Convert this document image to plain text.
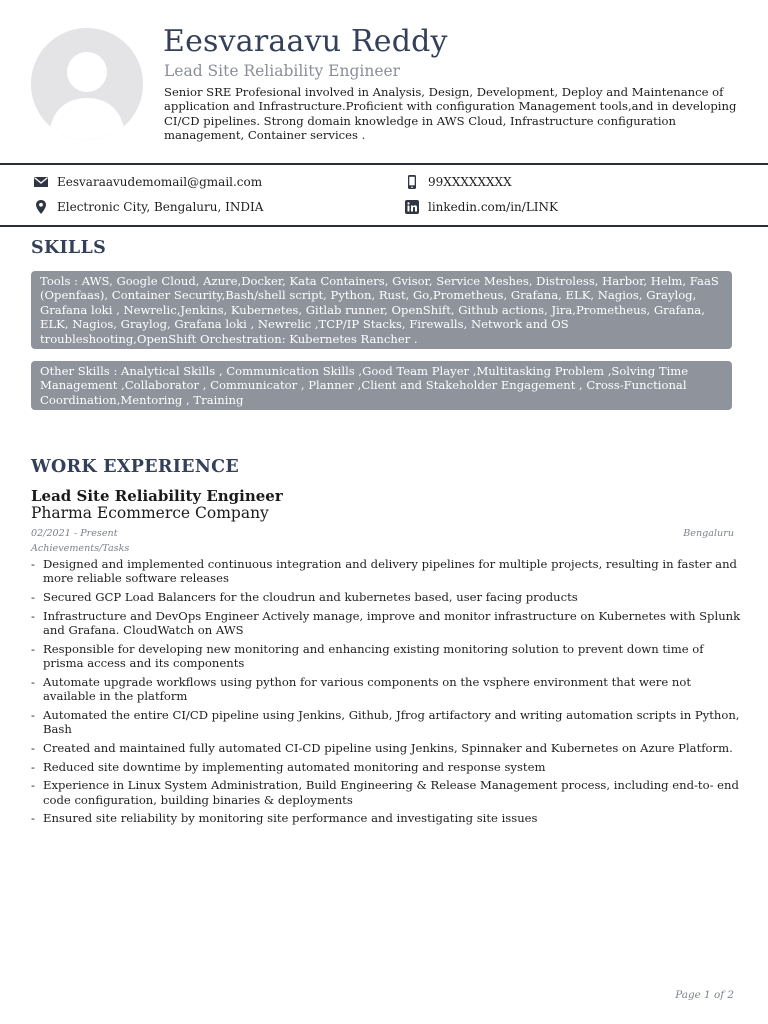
Eesvaraavu Reddy
Lead Site Reliability Engineer
Senior SRE Profesional involved in Analysis, Design, Development, Deploy and Maintenance of application and Infrastructure.Proficient with configuration Management tools,and in developing CI/CD pipelines. Strong domain knowledge in AWS Cloud, Infrastructure configuration management, Container services .
Eesvaraavudemomail@gmail.com	99XXXXXXXX
Electronic City, Bengaluru, INDIA	linkedin.com/in/LINK
SKILLS
Tools : AWS, Google Cloud, Azure,Docker, Kata Containers, Gvisor, Service Meshes, Distroless, Harbor, Helm, FaaS (Openfaas), Container Security,Bash/shell script, Python, Rust, Go,Prometheus, Grafana, ELK, Nagios, Graylog, Grafana loki , Newrelic,Jenkins, Kubernetes, Gitlab runner, OpenShift, Github actions, Jira,Prometheus, Grafana, ELK, Nagios, Graylog, Grafana loki , Newrelic ,TCP/IP Stacks, Firewalls, Network and OS troubleshooting,OpenShift Orchestration: Kubernetes Rancher .
Other Skills : Analytical Skills , Communication Skills ,Good Team Player ,Multitasking Problem ,Solving Time Management ,Collaborator , Communicator , Planner ,Client and Stakeholder Engagement , Cross-Functional Coordination,Mentoring , Training
WORK EXPERIENCE
Lead Site Reliability Engineer
Pharma Ecommerce Company
02/2021 - Present	Bengaluru
Achievements/Tasks
- Designed and implemented continuous integration and delivery pipelines for multiple projects, resulting in faster and more reliable software releases
- Secured GCP Load Balancers for the cloudrun and kubernetes based, user facing products
- Infrastructure and DevOps Engineer Actively manage, improve and monitor infrastructure on Kubernetes with Splunk and Grafana. CloudWatch on AWS
- Responsible for developing new monitoring and enhancing existing monitoring solution to prevent down time of prisma access and its components
- Automate upgrade workflows using python for various components on the vsphere environment that were not available in the platform
- Automated the entire CI/CD pipeline using Jenkins, Github, Jfrog artifactory and writing automation scripts in Python, Bash
- Created and maintained fully automated CI-CD pipeline using Jenkins, Spinnaker and Kubernetes on Azure Platform.
- Reduced site downtime by implementing automated monitoring and response system
- Experience in Linux System Administration, Build Engineering & Release Management process, including end-to- end code configuration, building binaries & deployments
- Ensured site reliability by monitoring site performance and investigating site issues
Page 1 of 2
